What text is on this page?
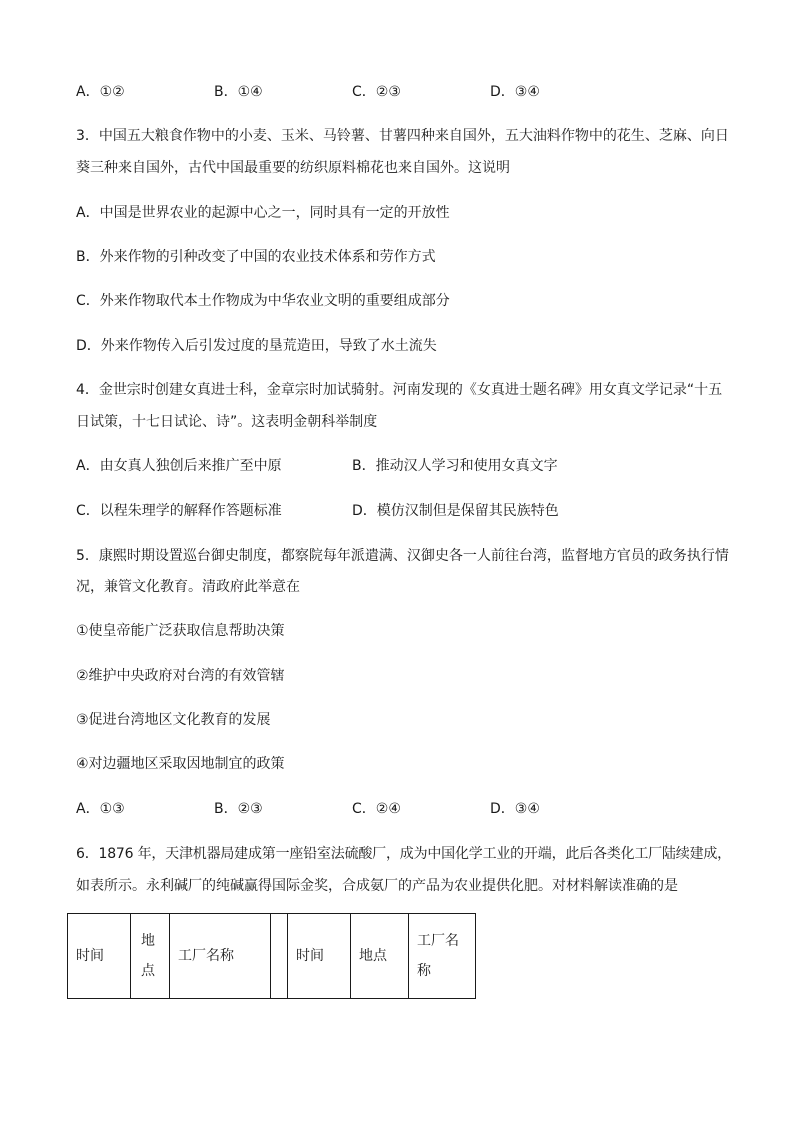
A．①②	B．①④	C．②③	D．③④
3．中国五大粮食作物中的小麦、玉米、马铃薯、甘薯四种来自国外，五大油料作物中的花生、芝麻、向日
葵三种来自国外，古代中国最重要的纺织原料棉花也来自国外。这说明
A．中国是世界农业的起源中心之一，同时具有一定的开放性
B．外来作物的引种改变了中国的农业技术体系和劳作方式
C．外来作物取代本土作物成为中华农业文明的重要组成部分
D．外来作物传入后引发过度的垦荒造田，导致了水土流失
4．金世宗时创建女真进士科，金章宗时加试骑射。河南发现的《女真进士题名碑》用女真文学记录“十五
日试策，十七日试论、诗”。这表明金朝科举制度
A．由女真人独创后来推广至中原	B．推动汉人学习和使用女真文字
C．以程朱理学的解释作答题标准	D．模仿汉制但是保留其民族特色
5．康熙时期设置巡台御史制度，都察院每年派遣满、汉御史各一人前往台湾，监督地方官员的政务执行情
况，兼管文化教育。清政府此举意在
①使皇帝能广泛获取信息帮助决策
②维护中央政府对台湾的有效管辖
③促进台湾地区文化教育的发展
④对边疆地区采取因地制宜的政策
A．①③	B．②③	C．②④	D．③④
6．1876 年，天津机器局建成第一座铅室法硫酸厂，成为中国化学工业的开端，此后各类化工厂陆续建成，
如表所示。永利碱厂的纯碱赢得国际金奖，合成氨厂的产品为农业提供化肥。对材料解读准确的是
时间	地点	工厂名称		时间	地点	工厂名称
